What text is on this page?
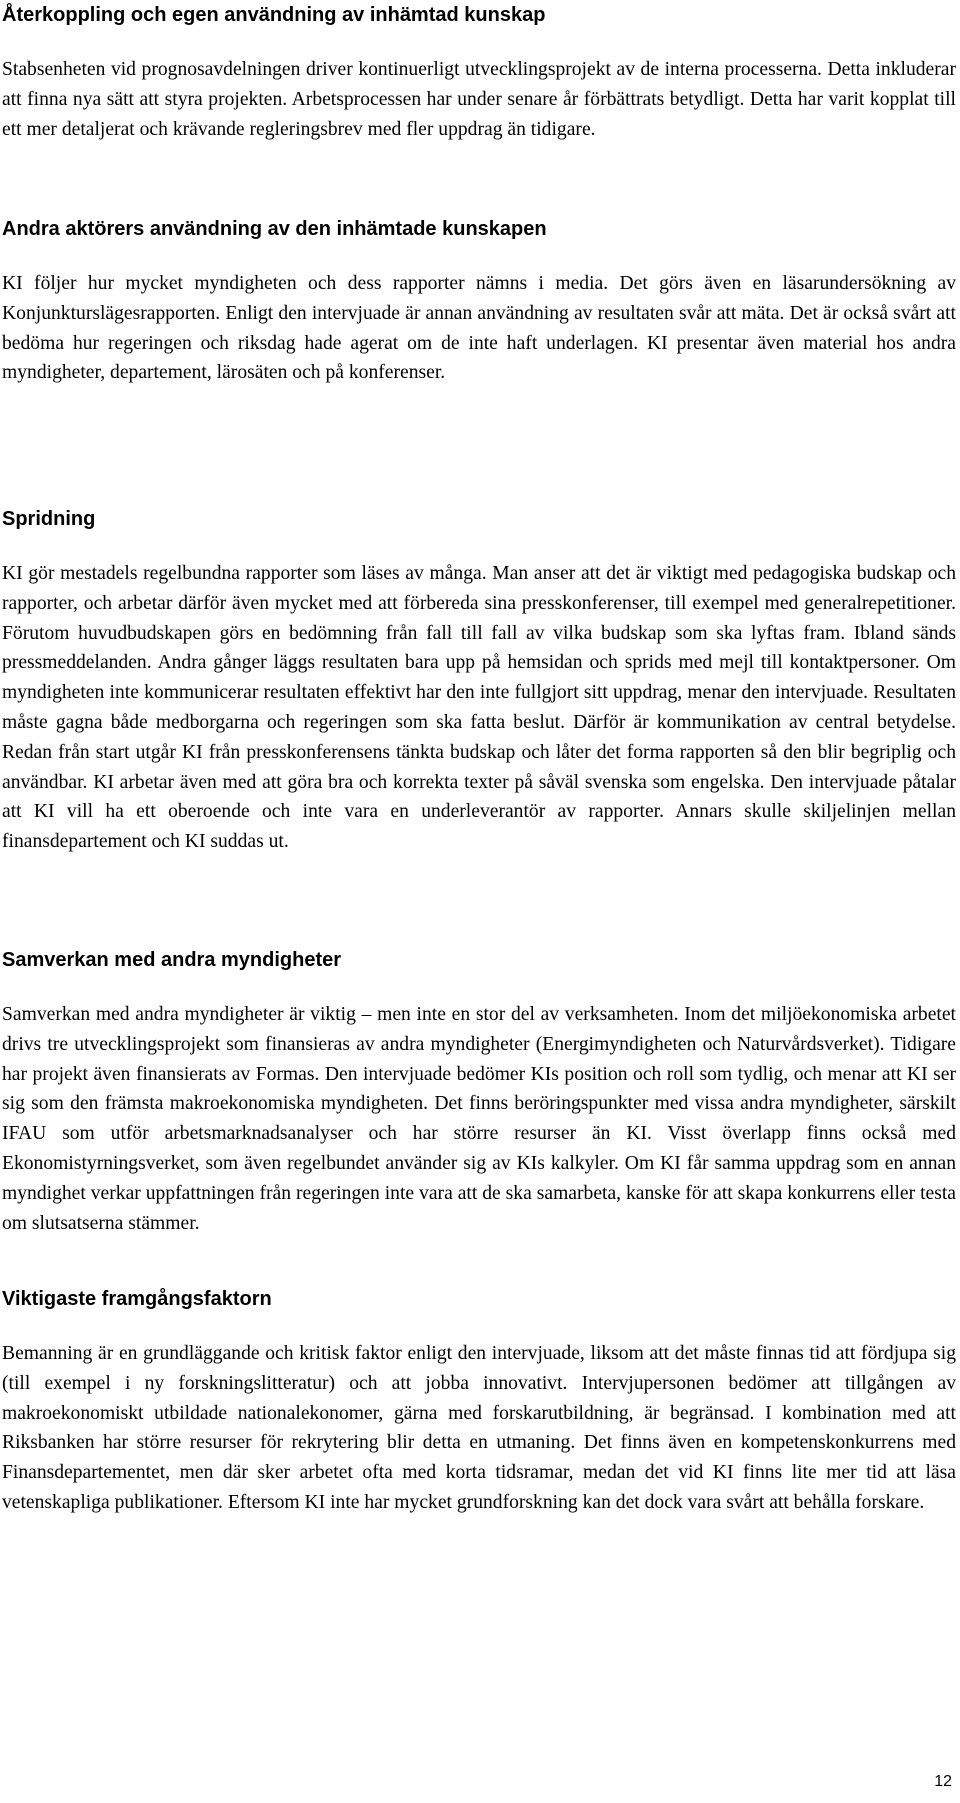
Återkoppling och egen användning av inhämtad kunskap

Stabsenheten vid prognosavdelningen driver kontinuerligt utvecklingsprojekt av de interna processerna. Detta inkluderar att finna nya sätt att styra projekten. Arbetsprocessen har under senare år förbättrats betydligt. Detta har varit kopplat till ett mer detaljerat och krävande regleringsbrev med fler uppdrag än tidigare.

Andra aktörers användning av den inhämtade kunskapen

KI följer hur mycket myndigheten och dess rapporter nämns i media. Det görs även en läsarundersökning av Konjunkturslägesrapporten. Enligt den intervjuade är annan användning av resultaten svår att mäta. Det är också svårt att bedöma hur regeringen och riksdag hade agerat om de inte haft underlagen. KI presentar även material hos andra myndigheter, departement, lärosäten och på konferenser.

Spridning

KI gör mestadels regelbundna rapporter som läses av många. Man anser att det är viktigt med pedagogiska budskap och rapporter, och arbetar därför även mycket med att förbereda sina presskonferenser, till exempel med generalrepetitioner. Förutom huvudbudskapen görs en bedömning från fall till fall av vilka budskap som ska lyftas fram. Ibland sänds pressmeddelanden. Andra gånger läggs resultaten bara upp på hemsidan och sprids med mejl till kontaktpersoner. Om myndigheten inte kommunicerar resultaten effektivt har den inte fullgjort sitt uppdrag, menar den intervjuade. Resultaten måste gagna både medborgarna och regeringen som ska fatta beslut. Därför är kommunikation av central betydelse. Redan från start utgår KI från presskonferensens tänkta budskap och låter det forma rapporten så den blir begriplig och användbar. KI arbetar även med att göra bra och korrekta texter på såväl svenska som engelska. Den intervjuade påtalar att KI vill ha ett oberoende och inte vara en underleverantör av rapporter. Annars skulle skiljelinjen mellan finansdepartement och KI suddas ut.

Samverkan med andra myndigheter

Samverkan med andra myndigheter är viktig – men inte en stor del av verksamheten. Inom det miljöekonomiska arbetet drivs tre utvecklingsprojekt som finansieras av andra myndigheter (Energimyndigheten och Naturvårdsverket). Tidigare har projekt även finansierats av Formas. Den intervjuade bedömer KIs position och roll som tydlig, och menar att KI ser sig som den främsta makroekonomiska myndigheten. Det finns beröringspunkter med vissa andra myndigheter, särskilt IFAU som utför arbetsmarknadsanalyser och har större resurser än KI. Visst överlapp finns också med Ekonomistyrningsverket, som även regelbundet använder sig av KIs kalkyler. Om KI får samma uppdrag som en annan myndighet verkar uppfattningen från regeringen inte vara att de ska samarbeta, kanske för att skapa konkurrens eller testa om slutsatserna stämmer.

Viktigaste framgångsfaktorn

Bemanning är en grundläggande och kritisk faktor enligt den intervjuade, liksom att det måste finnas tid att fördjupa sig (till exempel i ny forskningslitteratur) och att jobba innovativt. Intervjupersonen bedömer att tillgången av makroekonomiskt utbildade nationalekonomer, gärna med forskarutbildning, är begränsad. I kombination med att Riksbanken har större resurser för rekrytering blir detta en utmaning. Det finns även en kompetenskonkurrens med Finansdepartementet, men där sker arbetet ofta med korta tidsramar, medan det vid KI finns lite mer tid att läsa vetenskapliga publikationer. Eftersom KI inte har mycket grundforskning kan det dock vara svårt att behålla forskare.

12
